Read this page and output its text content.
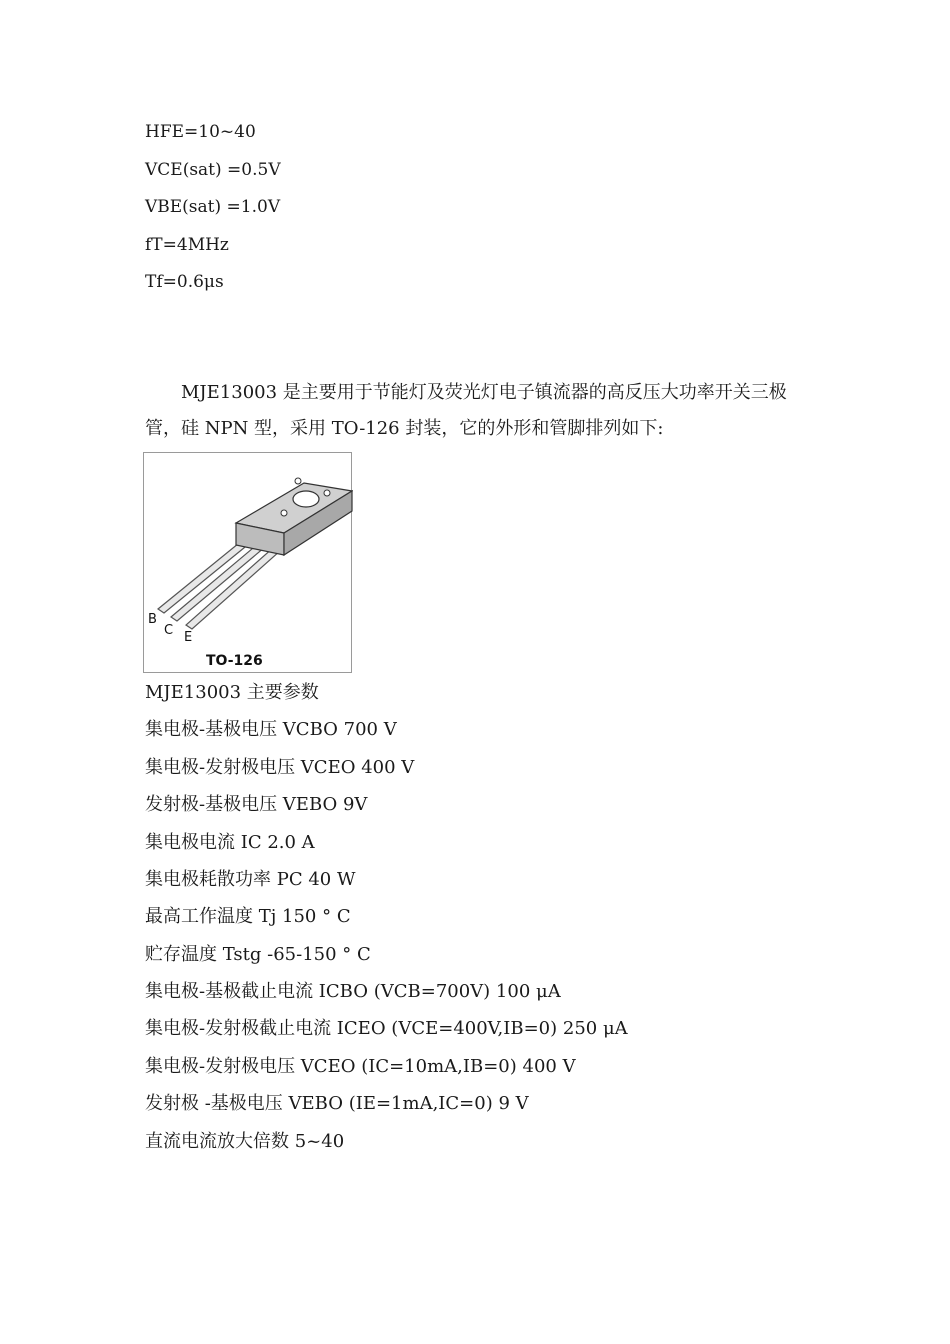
HFE=10~40
VCE(sat) =0.5V
VBE(sat) =1.0V
fT=4MHz
Tf=0.6μs
MJE13003 是主要用于节能灯及荧光灯电子镇流器的高反压大功率开关三极管，硅 NPN 型，采用 TO-126 封装，它的外形和管脚排列如下:
B
C E
TO-126
MJE13003 主要参数
集电极-基极电压 VCBO 700 V
集电极-发射极电压 VCEO 400 V
发射极-基极电压 VEBO 9V
集电极电流 IC 2.0 A
集电极耗散功率 PC 40 W
最高工作温度 Tj 150 ° C
贮存温度 Tstg -65-150 ° C
集电极-基极截止电流 ICBO (VCB=700V) 100 μA
集电极-发射极截止电流 ICEO (VCE=400V,IB=0) 250 μA
集电极-发射极电压 VCEO (IC=10mA,IB=0) 400 V
发射极 -基极电压 VEBO (IE=1mA,IC=0) 9 V
直流电流放大倍数 5~40
